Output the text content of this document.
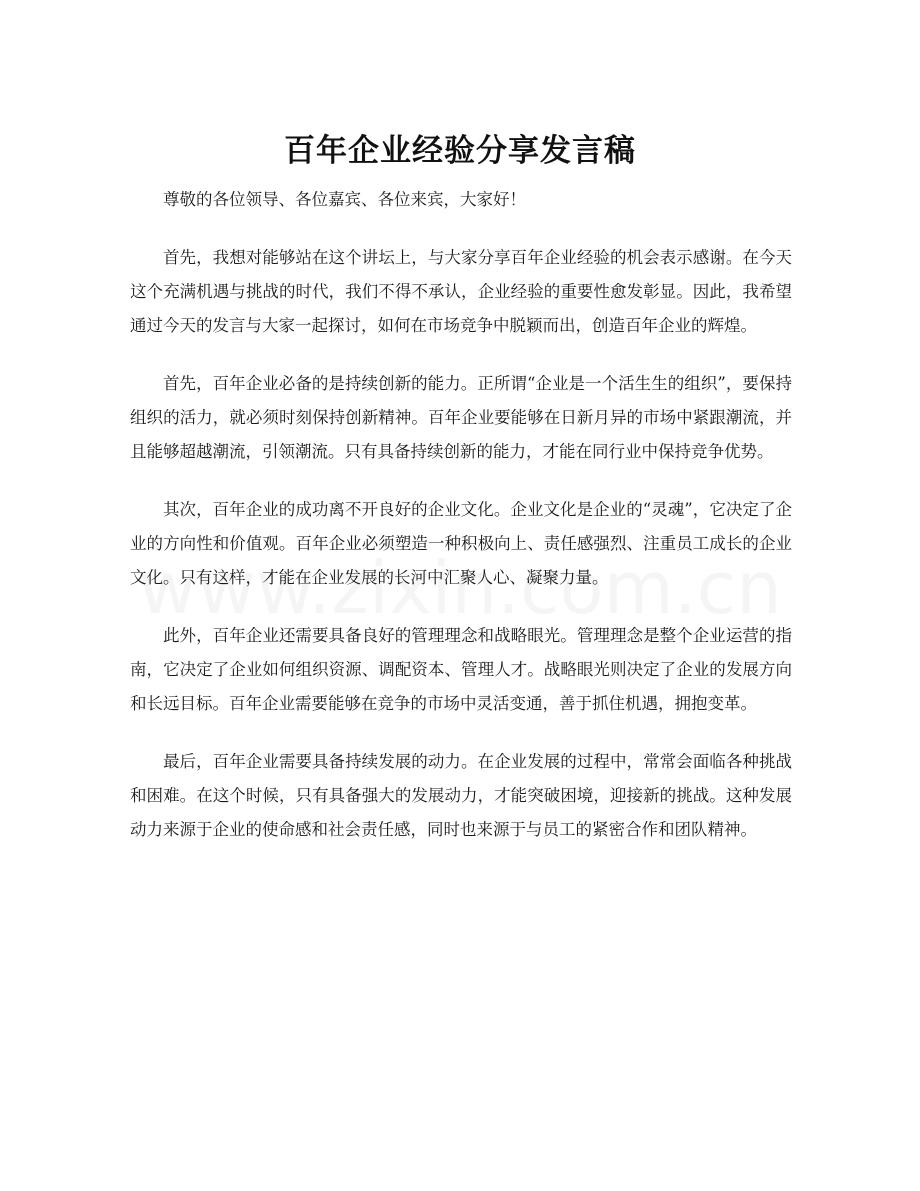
百年企业经验分享发言稿

尊敬的各位领导、各位嘉宾、各位来宾，大家好！

首先，我想对能够站在这个讲坛上，与大家分享百年企业经验的机会表示感谢。在今天这个充满机遇与挑战的时代，我们不得不承认，企业经验的重要性愈发彰显。因此，我希望通过今天的发言与大家一起探讨，如何在市场竞争中脱颖而出，创造百年企业的辉煌。

首先，百年企业必备的是持续创新的能力。正所谓“企业是一个活生生的组织”，要保持组织的活力，就必须时刻保持创新精神。百年企业要能够在日新月异的市场中紧跟潮流，并且能够超越潮流，引领潮流。只有具备持续创新的能力，才能在同行业中保持竞争优势。

其次，百年企业的成功离不开良好的企业文化。企业文化是企业的“灵魂”，它决定了企业的方向性和价值观。百年企业必须塑造一种积极向上、责任感强烈、注重员工成长的企业文化。只有这样，才能在企业发展的长河中汇聚人心、凝聚力量。

此外，百年企业还需要具备良好的管理理念和战略眼光。管理理念是整个企业运营的指南，它决定了企业如何组织资源、调配资本、管理人才。战略眼光则决定了企业的发展方向和长远目标。百年企业需要能够在竞争的市场中灵活变通，善于抓住机遇，拥抱变革。

最后，百年企业需要具备持续发展的动力。在企业发展的过程中，常常会面临各种挑战和困难。在这个时候，只有具备强大的发展动力，才能突破困境，迎接新的挑战。这种发展动力来源于企业的使命感和社会责任感，同时也来源于与员工的紧密合作和团队精神。
